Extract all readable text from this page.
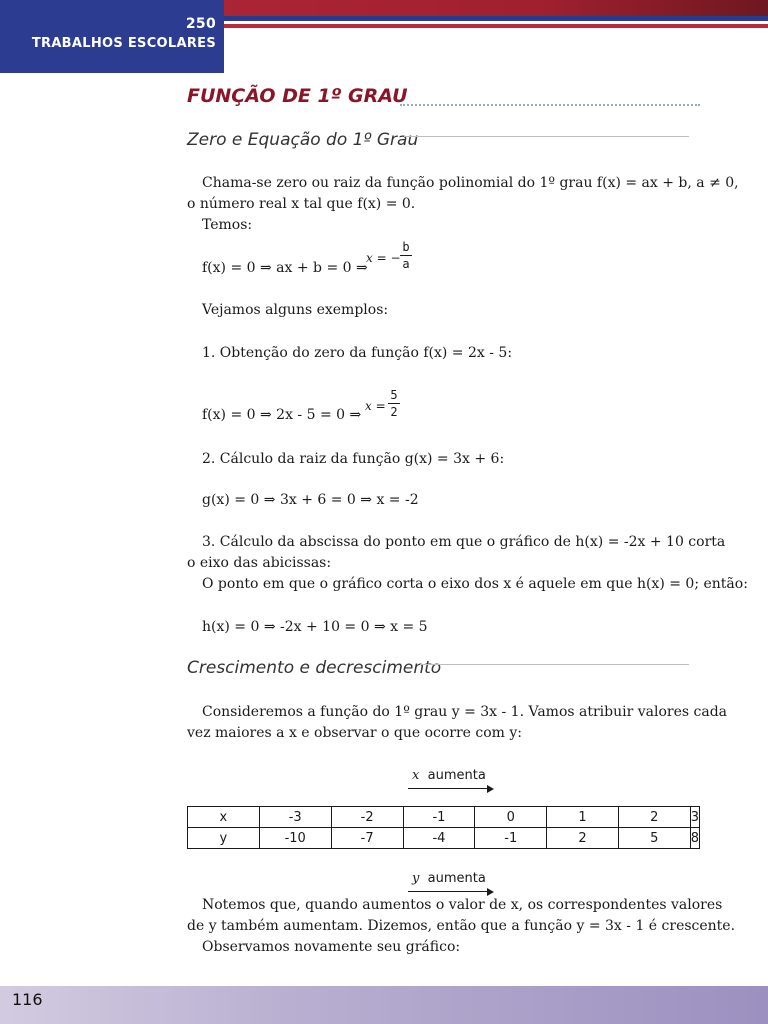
250
TRABALHOS ESCOLARES
FUNÇÃO DE 1º GRAU
Zero e Equação do 1º Grau
Chama-se zero ou raiz da função polinomial do 1º grau f(x) = ax + b, a ≠ 0,
o número real x tal que f(x) = 0.
Temos:
f(x) = 0 ⇒ ax + b = 0 ⇒
x = −
b
a
Vejamos alguns exemplos:
1. Obtenção do zero da função f(x) = 2x - 5:
f(x) = 0 ⇒ 2x - 5 = 0 ⇒
x =
5
2
2. Cálculo da raiz da função g(x) = 3x + 6:
g(x) = 0 ⇒ 3x + 6 = 0 ⇒ x = -2
3. Cálculo da abscissa do ponto em que o gráfico de h(x) = -2x + 10 corta
o eixo das abicissas:
O ponto em que o gráfico corta o eixo dos x é aquele em que h(x) = 0; então:
h(x) = 0 ⇒ -2x + 10 = 0 ⇒ x = 5
Crescimento e decrescimento
Consideremos a função do 1º grau y = 3x - 1. Vamos atribuir valores cada
vez maiores a x e observar o que ocorre com y:
x aumenta
x	-3	-2	-1	0	1	2	3
y	-10	-7	-4	-1	2	5	8
y aumenta
Notemos que, quando aumentos o valor de x, os correspondentes valores
de y também aumentam. Dizemos, então que a função y = 3x - 1 é crescente.
Observamos novamente seu gráfico:
116
